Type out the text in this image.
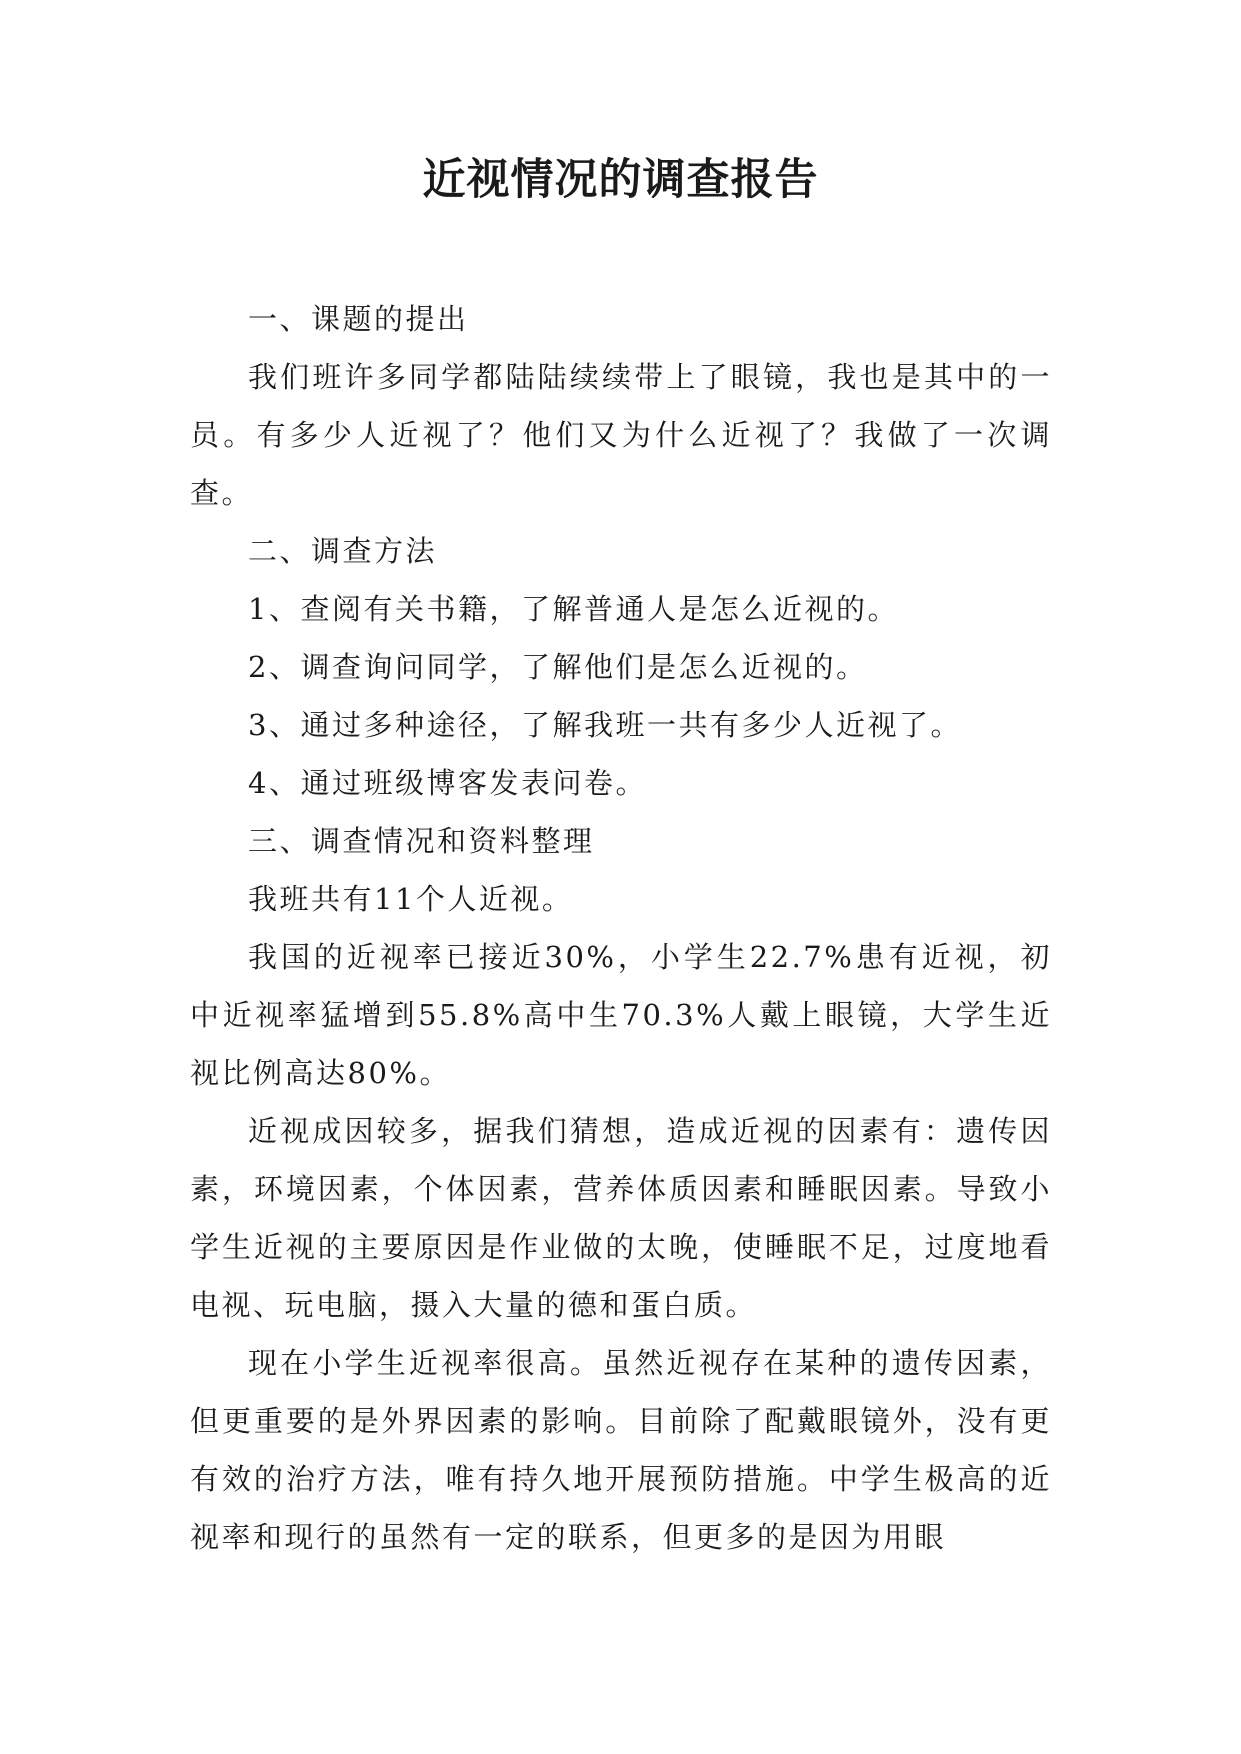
近视情况的调查报告

一、课题的提出

我们班许多同学都陆陆续续带上了眼镜，我也是其中的一员。有多少人近视了？他们又为什么近视了？我做了一次调查。

二、调查方法

1、查阅有关书籍，了解普通人是怎么近视的。

2、调查询问同学，了解他们是怎么近视的。

3、通过多种途径，了解我班一共有多少人近视了。

4、通过班级博客发表问卷。

三、调查情况和资料整理

我班共有11个人近视。

我国的近视率已接近30%，小学生22.7%患有近视，初中近视率猛增到55.8%高中生70.3%人戴上眼镜，大学生近视比例高达80%。

近视成因较多，据我们猜想，造成近视的因素有：遗传因素，环境因素，个体因素，营养体质因素和睡眠因素。导致小学生近视的主要原因是作业做的太晚，使睡眠不足，过度地看电视、玩电脑，摄入大量的德和蛋白质。

现在小学生近视率很高。虽然近视存在某种的遗传因素，但更重要的是外界因素的影响。目前除了配戴眼镜外，没有更有效的治疗方法，唯有持久地开展预防措施。中学生极高的近视率和现行的虽然有一定的联系，但更多的是因为用眼
